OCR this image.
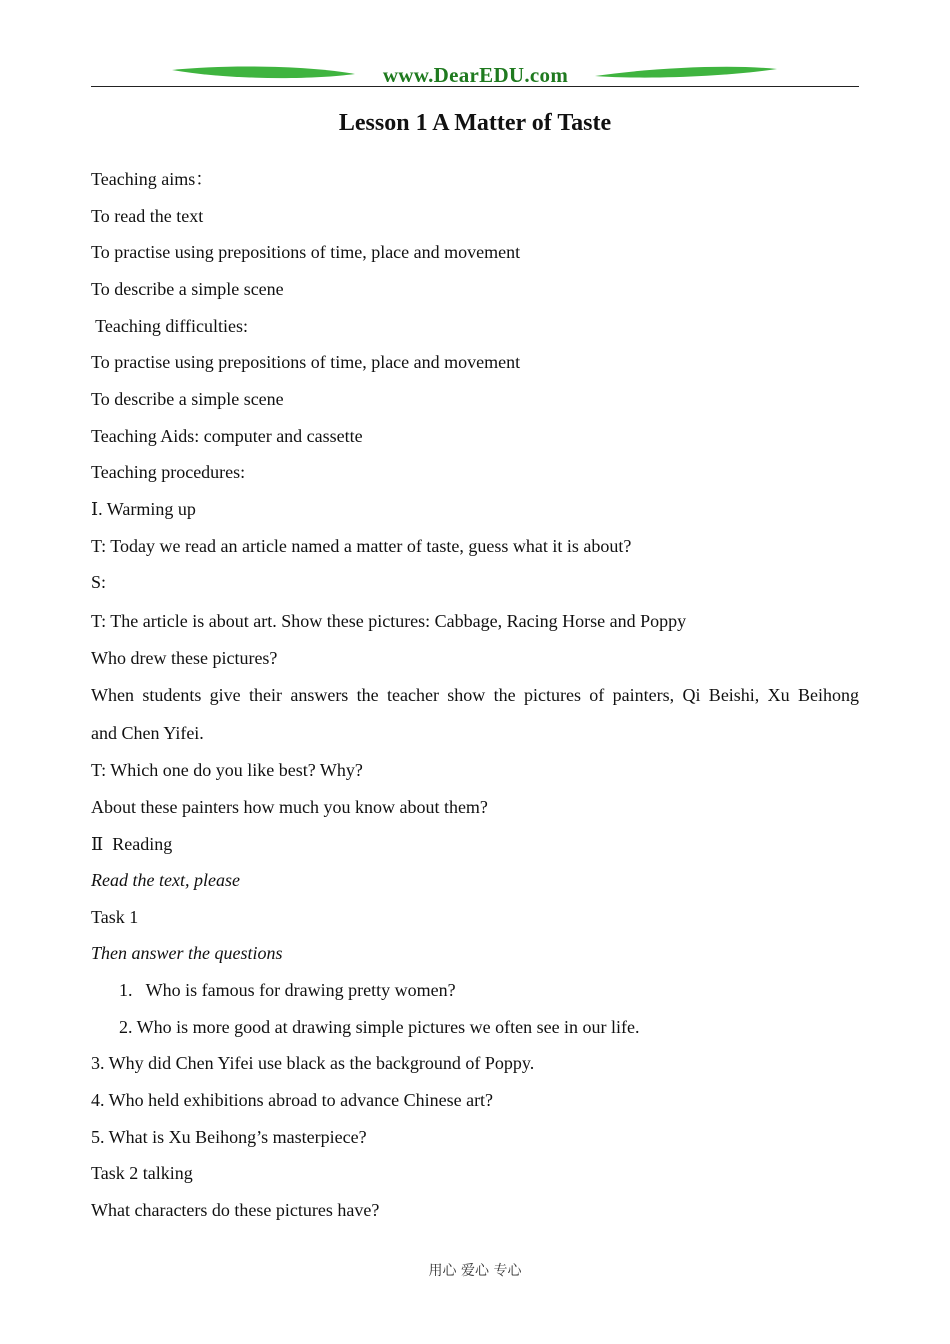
www.DearEDU.com
Lesson 1 A Matter of Taste
Teaching aims：
To read the text
To practise using prepositions of time, place and movement
To describe a simple scene
Teaching difficulties:
To practise using prepositions of time, place and movement
To describe a simple scene
Teaching Aids: computer and cassette
Teaching procedures:
Ⅰ. Warming up
T: Today we read an article named a matter of taste, guess what it is about?
S:
T: The article is about art. Show these pictures: Cabbage, Racing Horse and Poppy
Who drew these pictures?
When students give their answers the teacher show the pictures of painters, Qi Beishi, Xu Beihong
and Chen Yifei.
T: Which one do you like best? Why?
About these painters how much you know about them?
Ⅱ  Reading
Read the text, please
Task 1
Then answer the questions
1.   Who is famous for drawing pretty women?
2. Who is more good at drawing simple pictures we often see in our life.
3. Why did Chen Yifei use black as the background of Poppy.
4. Who held exhibitions abroad to advance Chinese art?
5. What is Xu Beihong’s masterpiece?
Task 2 talking
What characters do these pictures have?
用心 爱心 专心
